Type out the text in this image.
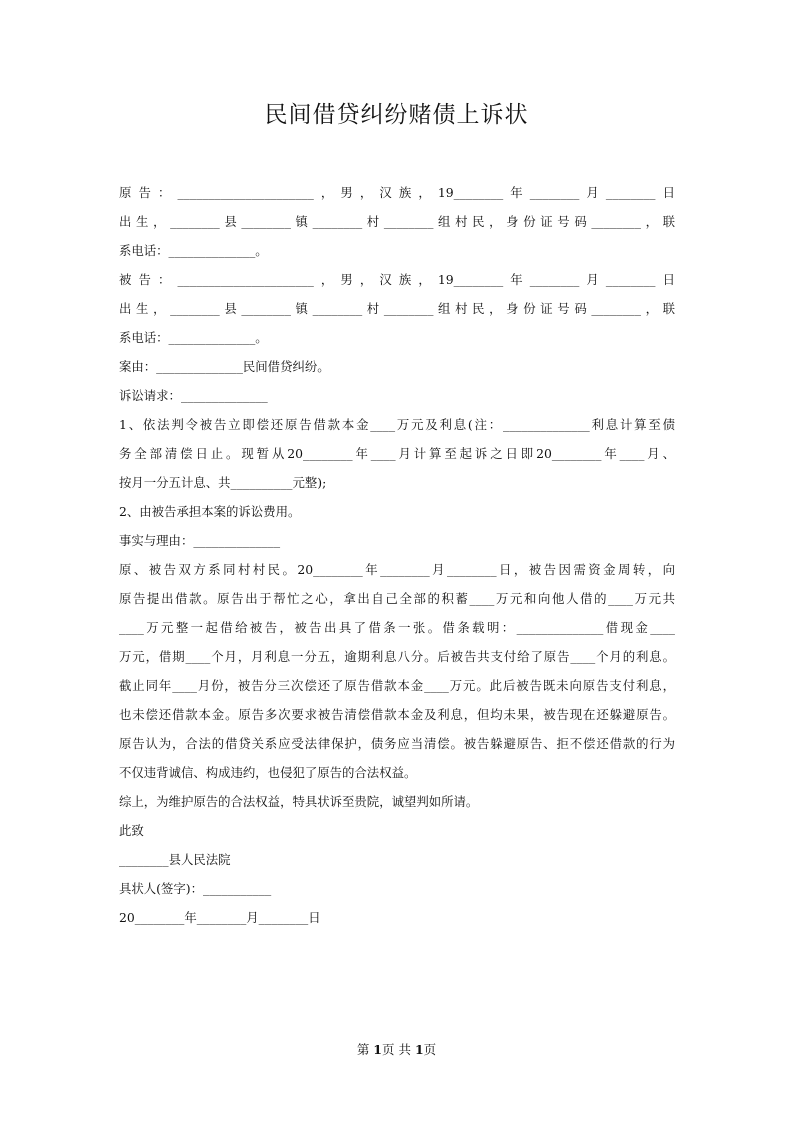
民间借贷纠纷赌债上诉状
原告：______________________，男，汉族，19________年________月________日
出生，________县________镇________村________组村民，身份证号码________，联
系电话：______________。
被告：______________________，男，汉族，19________年________月________日
出生，________县________镇________村________组村民，身份证号码________，联
系电话：______________。
案由：______________民间借贷纠纷。
诉讼请求：______________
1、依法判令被告立即偿还原告借款本金____万元及利息(注：______________利息计算至债
务全部清偿日止。现暂从20________年____月计算至起诉之日即20________年____月、
按月一分五计息、共__________元整);
2、由被告承担本案的诉讼费用。
事实与理由：______________
原、被告双方系同村村民。20________年________月________日，被告因需资金周转，向
原告提出借款。原告出于帮忙之心，拿出自己全部的积蓄____万元和向他人借的____万元共
____万元整一起借给被告，被告出具了借条一张。借条载明：______________借现金____
万元，借期____个月，月利息一分五，逾期利息八分。后被告共支付给了原告____个月的利息。
截止同年____月份，被告分三次偿还了原告借款本金____万元。此后被告既未向原告支付利息，
也未偿还借款本金。原告多次要求被告清偿借款本金及利息，但均未果，被告现在还躲避原告。
原告认为，合法的借贷关系应受法律保护，债务应当清偿。被告躲避原告、拒不偿还借款的行为
不仅违背诚信、构成违约，也侵犯了原告的合法权益。
综上，为维护原告的合法权益，特具状诉至贵院，诚望判如所请。
此致
________县人民法院
具状人(签字)：___________
20________年________月________日
第 1页 共 1页
